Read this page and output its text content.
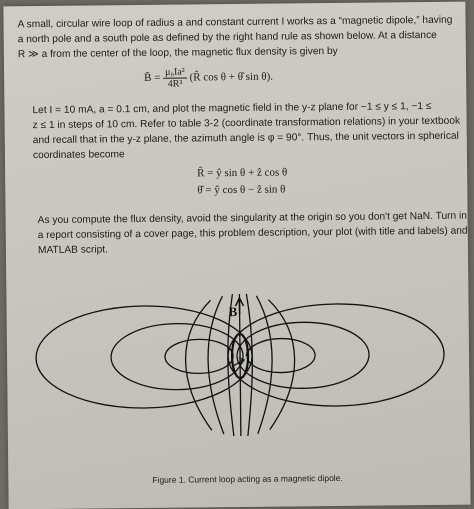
A small, circular wire loop of radius a and constant current I works as a “magnetic dipole,” having
a north pole and a south pole as defined by the right hand rule as shown below. At a distance
R ≫ a from the center of the loop, the magnetic flux density is given by
B̄ = $\frac{\text{μ₀Ia²}}{\text{4R³}}$ (R̂ cos θ + θ̂ sin θ).
Let I = 10 mA, a = 0.1 cm, and plot the magnetic field in the y-z plane for −1 ≤ y ≤ 1, −1 ≤
z ≤ 1 in steps of 10 cm. Refer to table 3-2 (coordinate transformation relations) in your textbook
and recall that in the y-z plane, the azimuth angle is φ = 90°. Thus, the unit vectors in spherical
coordinates become
R̂ = ŷ sin θ + ẑ cos θ
θ̂ = ŷ cos θ − ẑ sin θ
As you compute the flux density, avoid the singularity at the origin so you don't get NaN. Turn in
a report consisting of a cover page, this problem description, your plot (with title and labels) and
MATLAB script.
B
I
Figure 1. Current loop acting as a magnetic dipole.
